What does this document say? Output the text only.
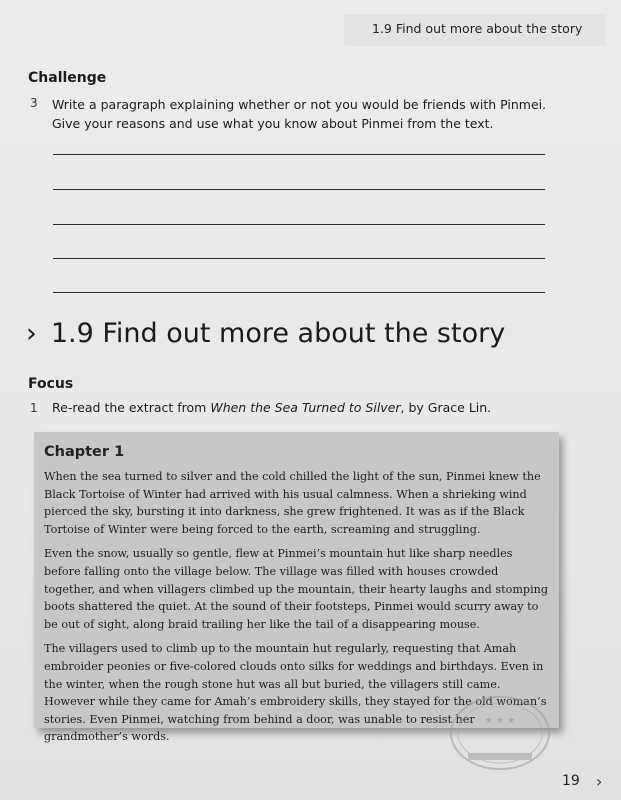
1.9 Find out more about the story
Challenge
3 Write a paragraph explaining whether or not you would be friends with Pinmei. Give your reasons and use what you know about Pinmei from the text.
› 1.9 Find out more about the story
Focus
1 Re-read the extract from When the Sea Turned to Silver, by Grace Lin.
Chapter 1

When the sea turned to silver and the cold chilled the light of the sun, Pinmei knew the Black Tortoise of Winter had arrived with his usual calmness. When a shrieking wind pierced the sky, bursting it into darkness, she grew frightened. It was as if the Black Tortoise of Winter were being forced to the earth, screaming and struggling.

Even the snow, usually so gentle, flew at Pinmei’s mountain hut like sharp needles before falling onto the village below. The village was filled with houses crowded together, and when villagers climbed up the mountain, their hearty laughs and stomping boots shattered the quiet. At the sound of their footsteps, Pinmei would scurry away to be out of sight, along braid trailing her like the tail of a disappearing mouse.

The villagers used to climb up to the mountain hut regularly, requesting that Amah embroider peonies or five-colored clouds onto silks for weddings and birthdays. Even in the winter, when the rough stone hut was all but buried, the villagers still came. However while they came for Amah’s embroidery skills, they stayed for the old woman’s stories. Even Pinmei, watching from behind a door, was unable to resist her grandmother’s words.

★ ★ ★
19 ›
